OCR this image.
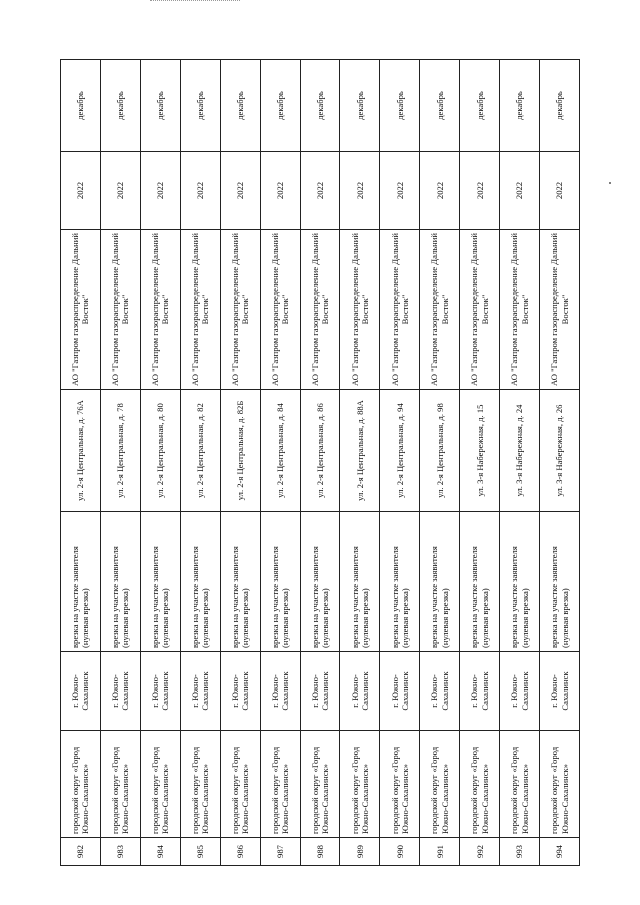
982	городской округ «Город Южно-Сахалинск»	г. Южно-Сахалинск	врезка на участке заявителя (нулевая врезка)	ул. 2-я Центральная, д. 76А	АО "Газпром газораспределение Дальний Восток"	2022	декабрь
983	городской округ «Город Южно-Сахалинск»	г. Южно-Сахалинск	врезка на участке заявителя (нулевая врезка)	ул. 2-я Центральная, д. 78	АО "Газпром газораспределение Дальний Восток"	2022	декабрь
984	городской округ «Город Южно-Сахалинск»	г. Южно-Сахалинск	врезка на участке заявителя (нулевая врезка)	ул. 2-я Центральная, д. 80	АО "Газпром газораспределение Дальний Восток"	2022	декабрь
985	городской округ «Город Южно-Сахалинск»	г. Южно-Сахалинск	врезка на участке заявителя (нулевая врезка)	ул. 2-я Центральная, д. 82	АО "Газпром газораспределение Дальний Восток"	2022	декабрь
986	городской округ «Город Южно-Сахалинск»	г. Южно-Сахалинск	врезка на участке заявителя (нулевая врезка)	ул. 2-я Центральная, д. 82Б	АО "Газпром газораспределение Дальний Восток"	2022	декабрь
987	городской округ «Город Южно-Сахалинск»	г. Южно-Сахалинск	врезка на участке заявителя (нулевая врезка)	ул. 2-я Центральная, д. 84	АО "Газпром газораспределение Дальний Восток"	2022	декабрь
988	городской округ «Город Южно-Сахалинск»	г. Южно-Сахалинск	врезка на участке заявителя (нулевая врезка)	ул. 2-я Центральная, д. 86	АО "Газпром газораспределение Дальний Восток"	2022	декабрь
989	городской округ «Город Южно-Сахалинск»	г. Южно-Сахалинск	врезка на участке заявителя (нулевая врезка)	ул. 2-я Центральная, д. 88А	АО "Газпром газораспределение Дальний Восток"	2022	декабрь
990	городской округ «Город Южно-Сахалинск»	г. Южно-Сахалинск	врезка на участке заявителя (нулевая врезка)	ул. 2-я Центральная, д. 94	АО "Газпром газораспределение Дальний Восток"	2022	декабрь
991	городской округ «Город Южно-Сахалинск»	г. Южно-Сахалинск	врезка на участке заявителя (нулевая врезка)	ул. 2-я Центральная, д. 98	АО "Газпром газораспределение Дальний Восток"	2022	декабрь
992	городской округ «Город Южно-Сахалинск»	г. Южно-Сахалинск	врезка на участке заявителя (нулевая врезка)	ул. 3-я Набережная, д. 15	АО "Газпром газораспределение Дальний Восток"	2022	декабрь
993	городской округ «Город Южно-Сахалинск»	г. Южно-Сахалинск	врезка на участке заявителя (нулевая врезка)	ул. 3-я Набережная, д. 24	АО "Газпром газораспределение Дальний Восток"	2022	декабрь
994	городской округ «Город Южно-Сахалинск»	г. Южно-Сахалинск	врезка на участке заявителя (нулевая врезка)	ул. 3-я Набережная, д. 26	АО "Газпром газораспределение Дальний Восток"	2022	декабрь
